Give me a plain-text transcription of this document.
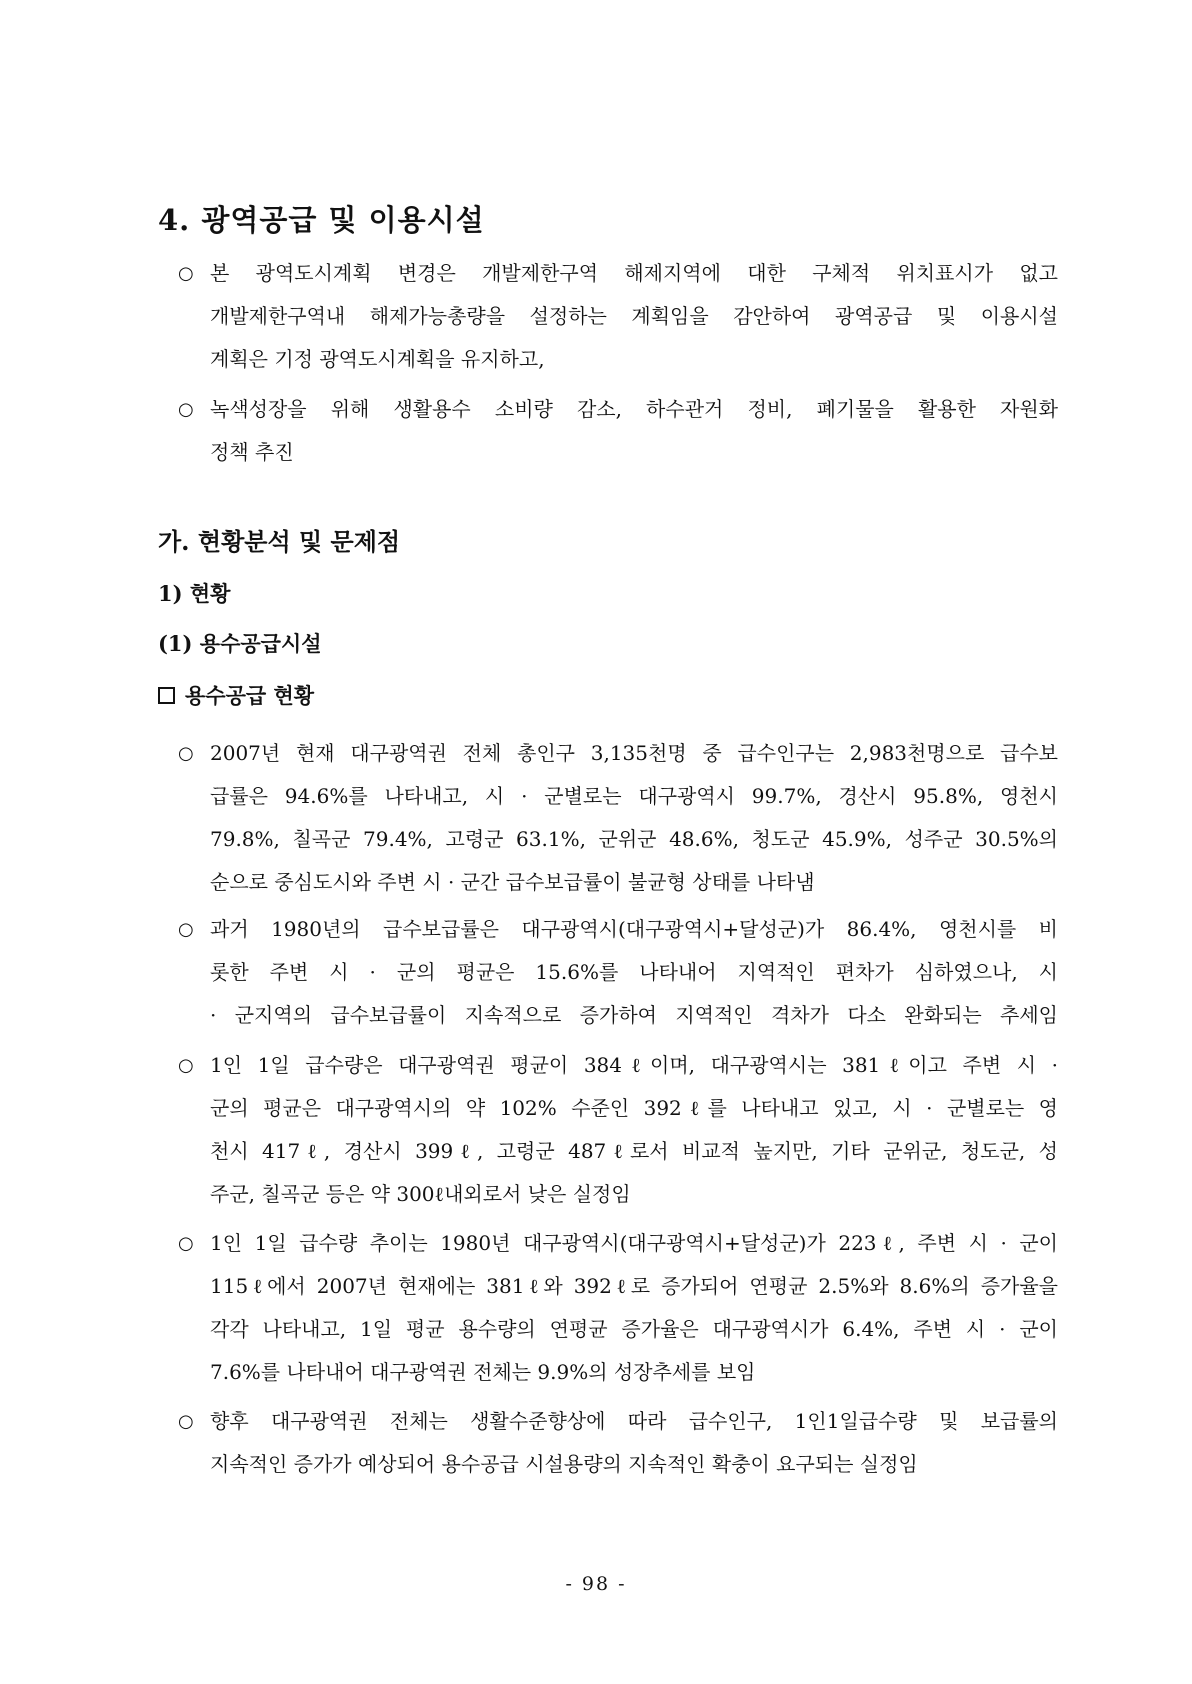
4. 광역공급 및 이용시설
○ 본 광역도시계획 변경은 개발제한구역 해제지역에 대한 구체적 위치표시가 없고
개발제한구역내 해제가능총량을 설정하는 계획임을 감안하여 광역공급 및 이용시설
계획은 기정 광역도시계획을 유지하고,
○ 녹색성장을 위해 생활용수 소비량 감소, 하수관거 정비, 폐기물을 활용한 자원화
정책 추진
가. 현황분석 및 문제점
1) 현황
(1) 용수공급시설
용수공급 현황
○ 2007년 현재 대구광역권 전체 총인구 3,135천명 중 급수인구는 2,983천명으로 급수보
급률은 94.6%를 나타내고, 시 · 군별로는 대구광역시 99.7%, 경산시 95.8%, 영천시
79.8%, 칠곡군 79.4%, 고령군 63.1%, 군위군 48.6%, 청도군 45.9%, 성주군 30.5%의
순으로 중심도시와 주변 시 · 군간 급수보급률이 불균형 상태를 나타냄
○ 과거 1980년의 급수보급률은 대구광역시(대구광역시+달성군)가 86.4%, 영천시를 비
롯한 주변 시 · 군의 평균은 15.6%를 나타내어 지역적인 편차가 심하였으나, 시
· 군지역의 급수보급률이 지속적으로 증가하여 지역적인 격차가 다소 완화되는 추세임
○ 1인 1일 급수량은 대구광역권 평균이 384ℓ이며, 대구광역시는 381ℓ이고 주변 시 ·
군의 평균은 대구광역시의 약 102% 수준인 392ℓ를 나타내고 있고, 시 · 군별로는 영
천시 417ℓ, 경산시 399ℓ, 고령군 487ℓ로서 비교적 높지만, 기타 군위군, 청도군, 성
주군, 칠곡군 등은 약 300ℓ내외로서 낮은 실정임
○ 1인 1일 급수량 추이는 1980년 대구광역시(대구광역시+달성군)가 223ℓ, 주변 시 · 군이
115ℓ에서 2007년 현재에는 381ℓ와 392ℓ로 증가되어 연평균 2.5%와 8.6%의 증가율을
각각 나타내고, 1일 평균 용수량의 연평균 증가율은 대구광역시가 6.4%, 주변 시 · 군이
7.6%를 나타내어 대구광역권 전체는 9.9%의 성장추세를 보임
○ 향후 대구광역권 전체는 생활수준향상에 따라 급수인구, 1인1일급수량 및 보급률의
지속적인 증가가 예상되어 용수공급 시설용량의 지속적인 확충이 요구되는 실정임
- 98 -
